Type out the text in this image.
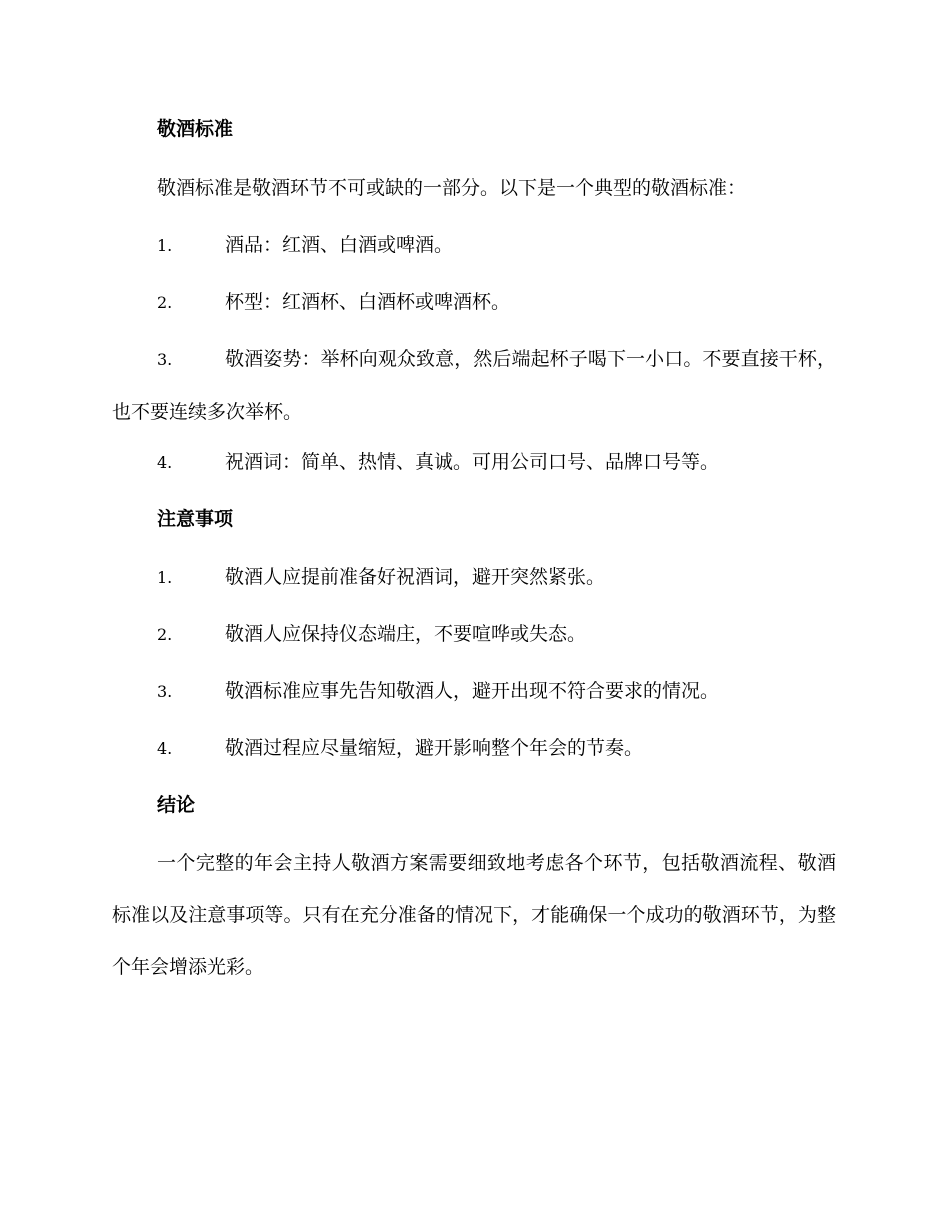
敬酒标准

敬酒标准是敬酒环节不可或缺的一部分。以下是一个典型的敬酒标准：

1.	酒品：红酒、白酒或啤酒。

2.	杯型：红酒杯、白酒杯或啤酒杯。

3.	敬酒姿势：举杯向观众致意，然后端起杯子喝下一小口。不要直接干杯，也不要连续多次举杯。

4.	祝酒词：简单、热情、真诚。可用公司口号、品牌口号等。

注意事项

1.	敬酒人应提前准备好祝酒词，避开突然紧张。

2.	敬酒人应保持仪态端庄，不要喧哗或失态。

3.	敬酒标准应事先告知敬酒人，避开出现不符合要求的情况。

4.	敬酒过程应尽量缩短，避开影响整个年会的节奏。

结论

一个完整的年会主持人敬酒方案需要细致地考虑各个环节，包括敬酒流程、敬酒标准以及注意事项等。只有在充分准备的情况下，才能确保一个成功的敬酒环节，为整个年会增添光彩。
